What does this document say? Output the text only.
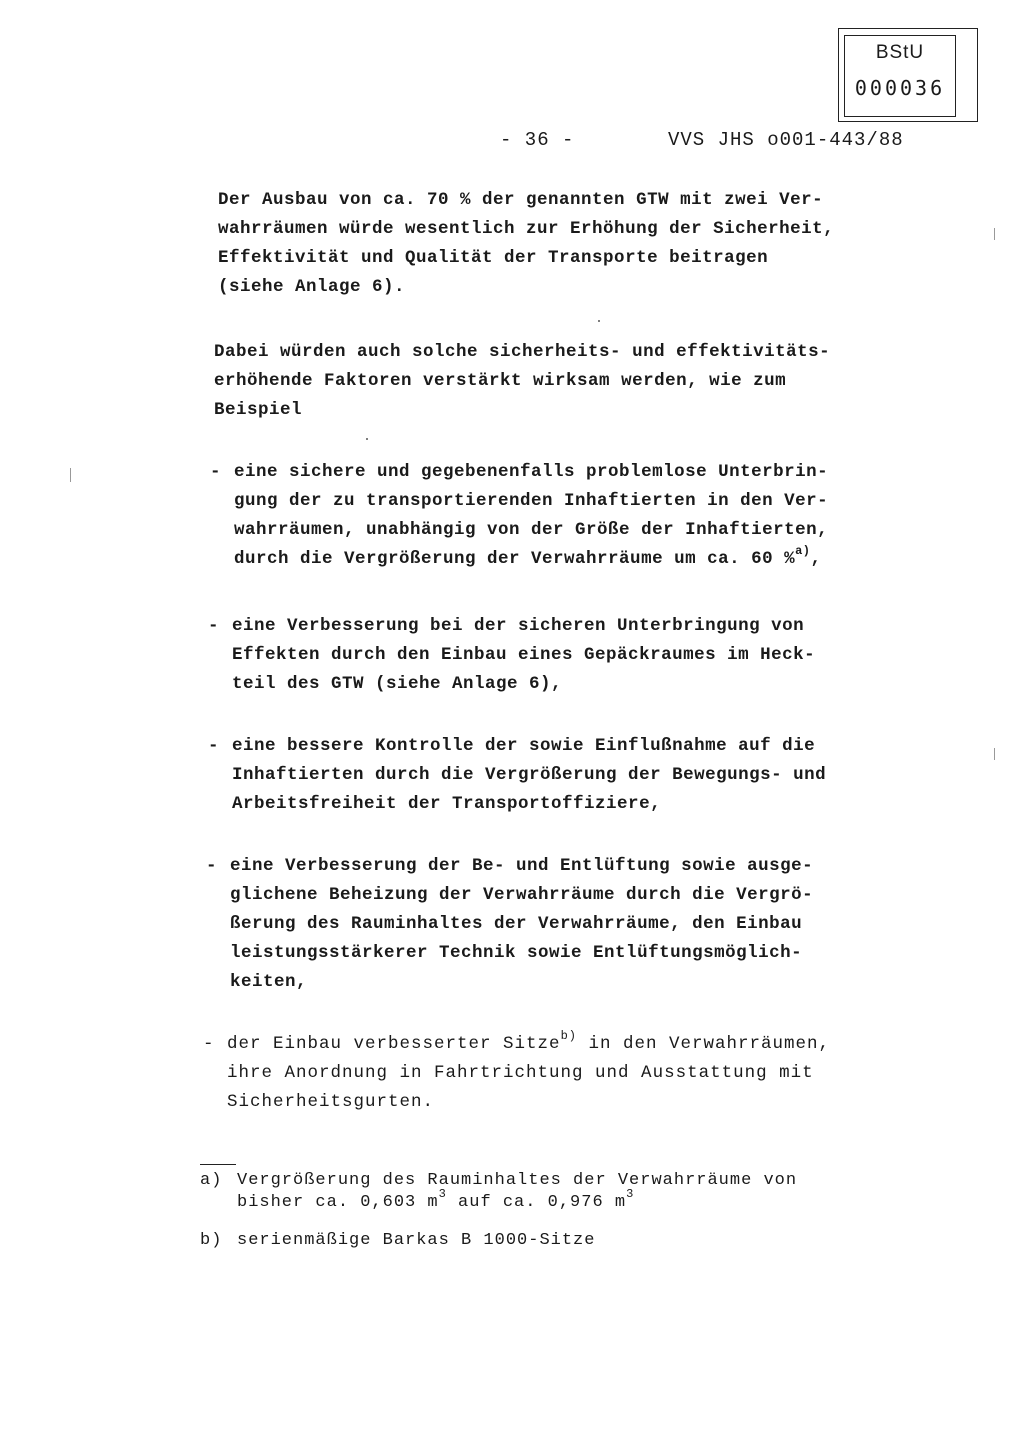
BStU
000036
- 36 -	VVS JHS o001-443/88
Der Ausbau von ca. 70 % der genannten GTW mit zwei Ver-
wahrräumen würde wesentlich zur Erhöhung der Sicherheit,
Effektivität und Qualität der Transporte beitragen
(siehe Anlage 6).
Dabei würden auch solche sicherheits- und effektivitäts-
erhöhende Faktoren verstärkt wirksam werden, wie zum
Beispiel
- eine sichere und gegebenenfalls problemlose Unterbrin-
gung der zu transportierenden Inhaftierten in den Ver-
wahrräumen, unabhängig von der Größe der Inhaftierten,
durch die Vergrößerung der Verwahrräume um ca. 60 %$^{a)}$,
- eine Verbesserung bei der sicheren Unterbringung von
Effekten durch den Einbau eines Gepäckraumes im Heck-
teil des GTW (siehe Anlage 6),
- eine bessere Kontrolle der sowie Einflußnahme auf die
Inhaftierten durch die Vergrößerung der Bewegungs- und
Arbeitsfreiheit der Transportoffiziere,
- eine Verbesserung der Be- und Entlüftung sowie ausge-
glichene Beheizung der Verwahrräume durch die Vergrö-
ßerung des Rauminhaltes der Verwahrräume, den Einbau
leistungsstärkerer Technik sowie Entlüftungsmöglich-
keiten,
- der Einbau verbesserter Sitze$^{b)}$ in den Verwahrräumen,
ihre Anordnung in Fahrtrichtung und Ausstattung mit
Sicherheitsgurten.
a) Vergrößerung des Rauminhaltes der Verwahrräume von
bisher ca. 0,603 $m^3$ auf ca. 0,976 $m^3$
b) serienmäßige Barkas B 1000-Sitze
